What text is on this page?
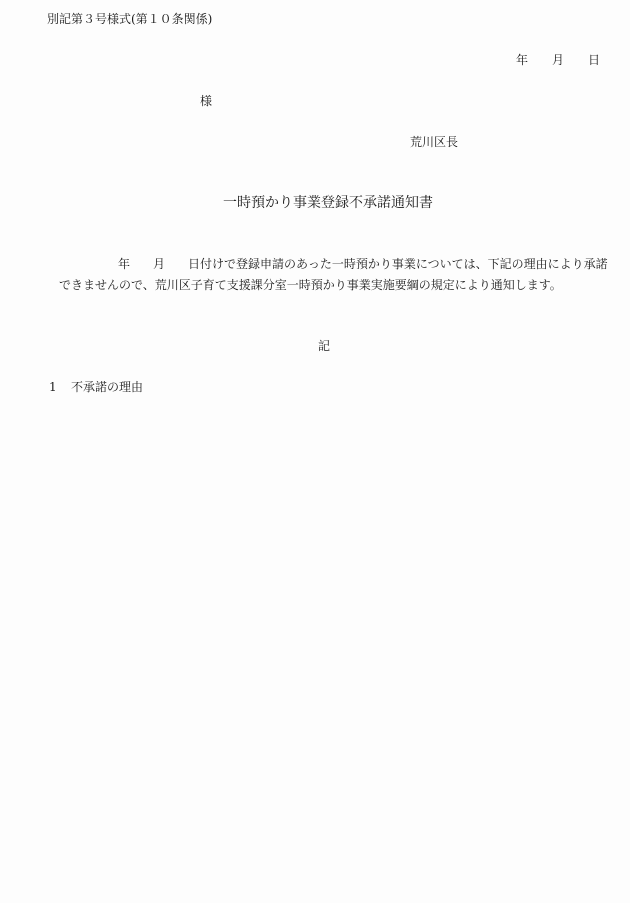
別記第３号様式(第１０条関係)
年 月 日
様
荒川区長
一時預かり事業登録不承諾通知書
年 月 日付けで登録申請のあった一時預かり事業については、下記の理由により承諾
できませんので、荒川区子育て支援課分室一時預かり事業実施要綱の規定により通知します。
記
1 不承諾の理由
